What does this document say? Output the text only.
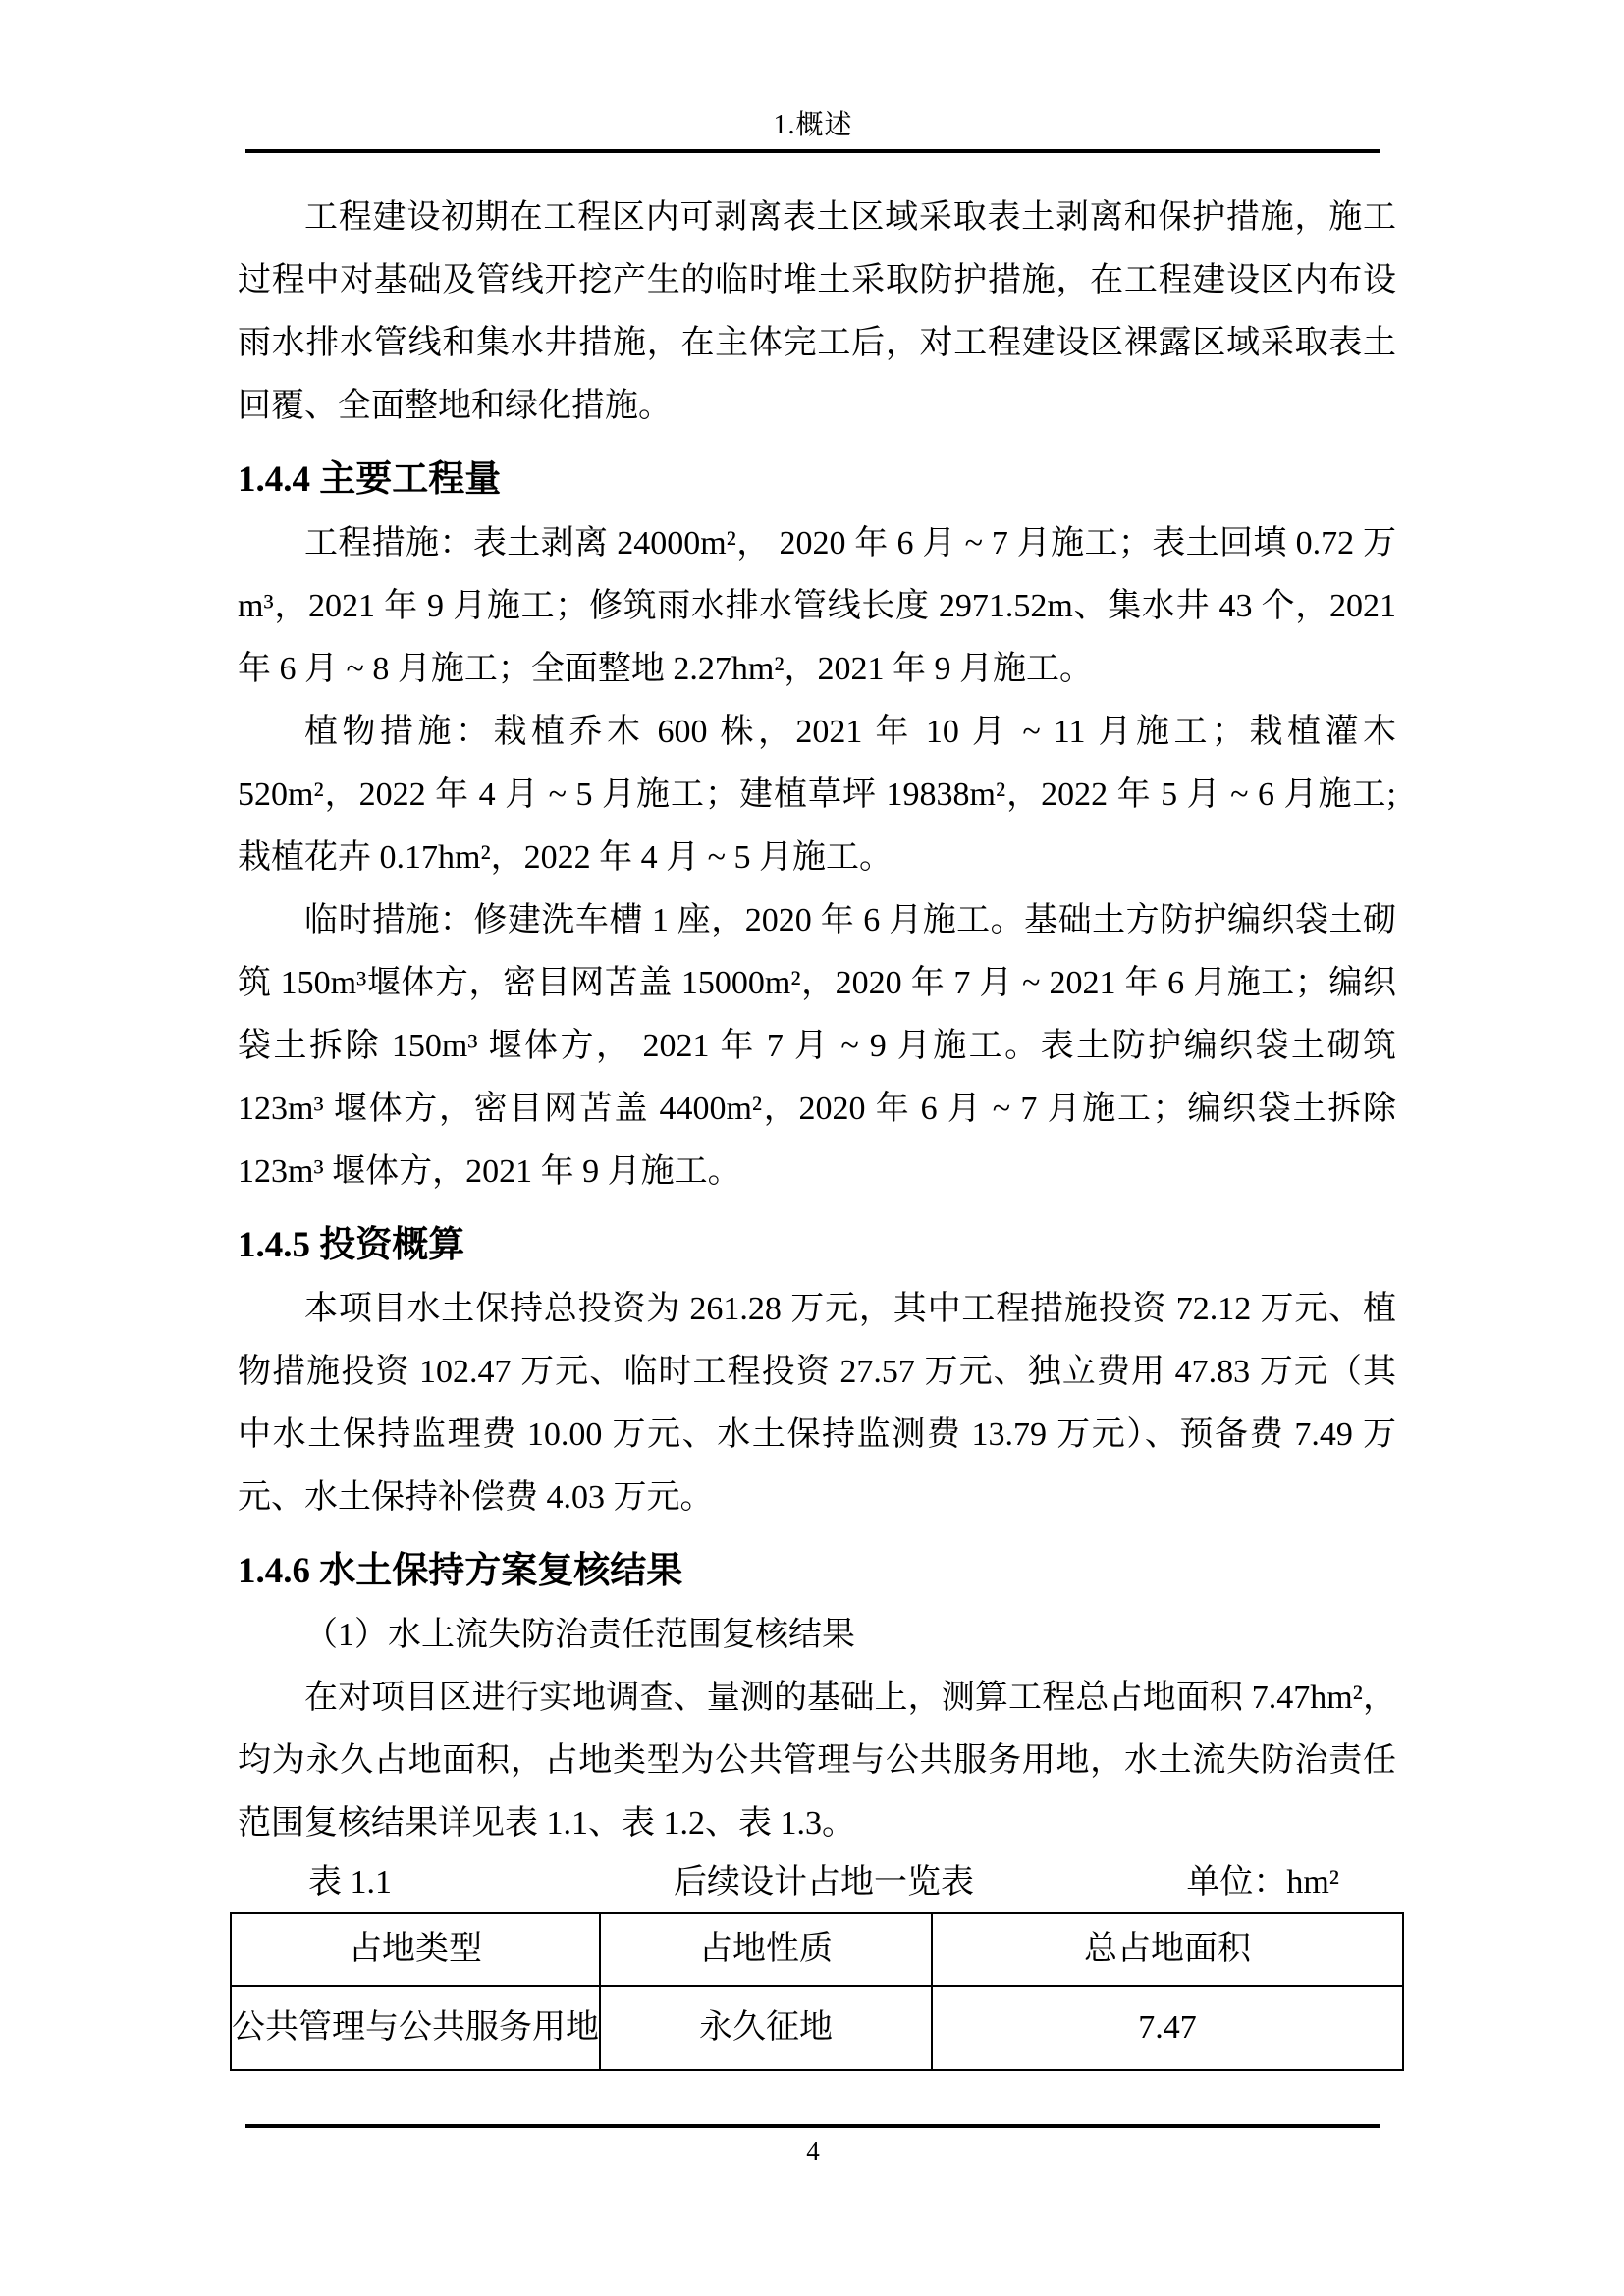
1.概述

工程建设初期在工程区内可剥离表土区域采取表土剥离和保护措施，施工过程中对基础及管线开挖产生的临时堆土采取防护措施，在工程建设区内布设雨水排水管线和集水井措施，在主体完工后，对工程建设区裸露区域采取表土回覆、全面整地和绿化措施。

1.4.4 主要工程量

工程措施：表土剥离 24000m²， 2020 年 6 月 ~ 7 月施工；表土回填 0.72 万 m³，2021 年 9 月施工；修筑雨水排水管线长度 2971.52m、集水井 43 个，2021 年 6 月 ~ 8 月施工；全面整地 2.27hm²，2021 年 9 月施工。

植物措施：栽植乔木 600 株，2021 年 10 月 ~ 11 月施工；栽植灌木 520m²，2022 年 4 月 ~ 5 月施工；建植草坪 19838m²，2022 年 5 月 ~ 6 月施工;栽植花卉 0.17hm²，2022 年 4 月 ~ 5 月施工。

临时措施：修建洗车槽 1 座，2020 年 6 月施工。基础土方防护编织袋土砌筑 150m³堰体方，密目网苫盖 15000m²，2020 年 7 月 ~ 2021 年 6 月施工；编织袋土拆除 150m³ 堰体方， 2021 年 7 月 ~ 9 月施工。表土防护编织袋土砌筑 123m³ 堰体方，密目网苫盖 4400m²，2020 年 6 月 ~ 7 月施工；编织袋土拆除 123m³ 堰体方，2021 年 9 月施工。

1.4.5 投资概算

本项目水土保持总投资为 261.28 万元，其中工程措施投资 72.12 万元、植物措施投资 102.47 万元、临时工程投资 27.57 万元、独立费用 47.83 万元（其中水土保持监理费 10.00 万元、水土保持监测费 13.79 万元）、预备费 7.49 万元、水土保持补偿费 4.03 万元。

1.4.6 水土保持方案复核结果

（1）水土流失防治责任范围复核结果

在对项目区进行实地调查、量测的基础上，测算工程总占地面积 7.47hm²，均为永久占地面积，占地类型为公共管理与公共服务用地，水土流失防治责任范围复核结果详见表 1.1、表 1.2、表 1.3。

表 1.1	后续设计占地一览表	单位：hm²
占地类型	占地性质	总占地面积
公共管理与公共服务用地	永久征地	7.47
4
